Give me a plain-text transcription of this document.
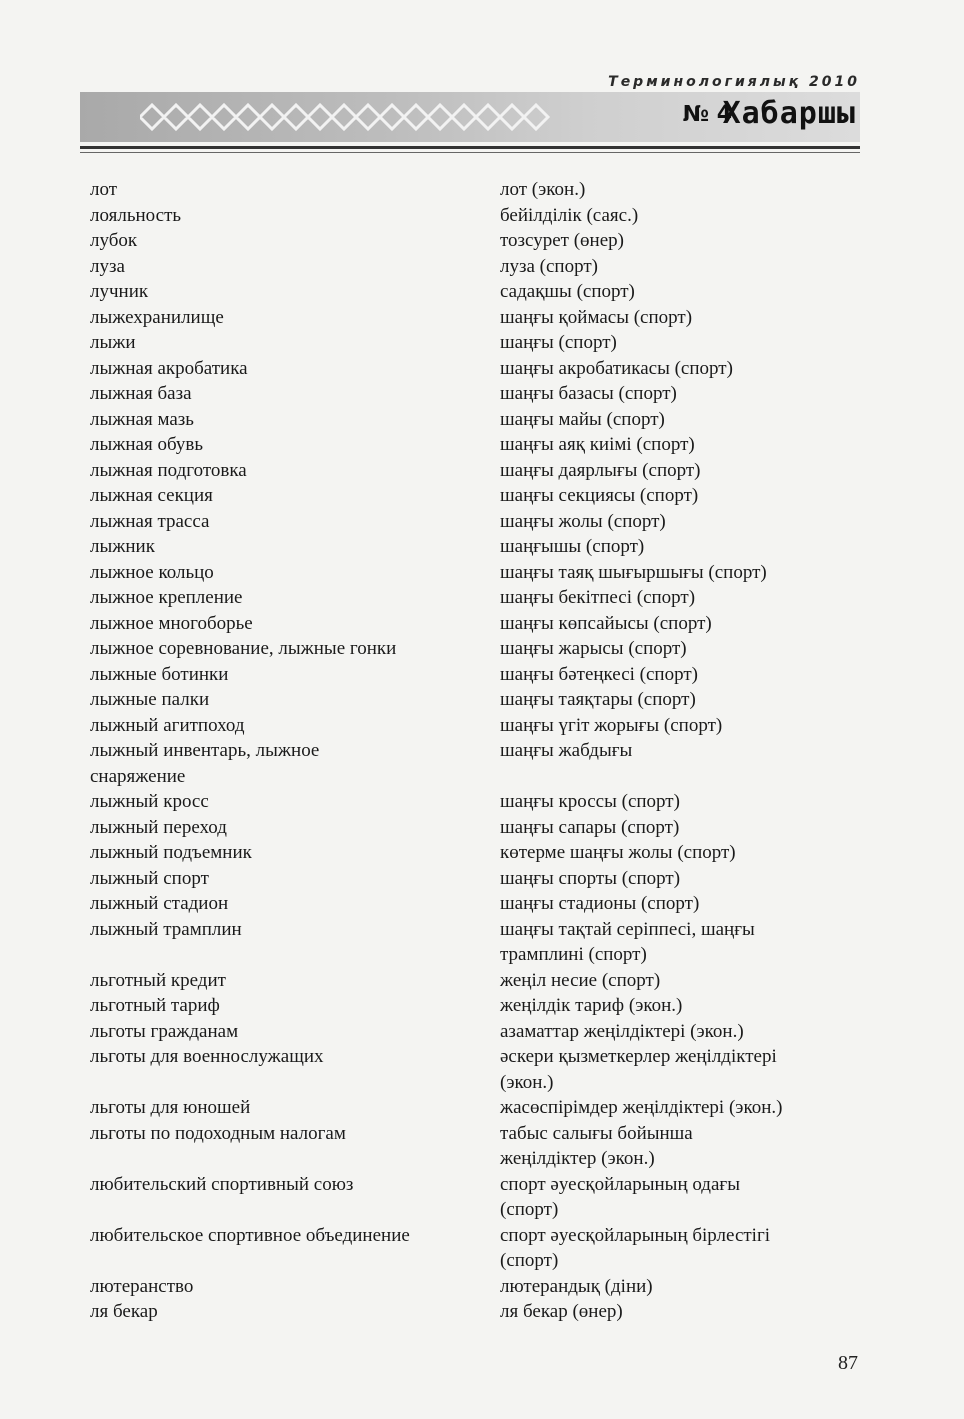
Терминологиялық 2010
№ 4
Хабаршы
лот	лот (экон.)
лояльность	бейілділік (саяс.)
лубок	тозсурет (өнер)
луза	луза (спорт)
лучник	садақшы (спорт)
лыжехранилище	шаңғы қоймасы (спорт)
лыжи	шаңғы (спорт)
лыжная акробатика	шаңғы акробатикасы (спорт)
лыжная база	шаңғы базасы (спорт)
лыжная мазь	шаңғы майы (спорт)
лыжная обувь	шаңғы аяқ киімі (спорт)
лыжная подготовка	шаңғы даярлығы (спорт)
лыжная секция	шаңғы секциясы (спорт)
лыжная трасса	шаңғы жолы (спорт)
лыжник	шаңғышы (спорт)
лыжное кольцо	шаңғы таяқ шығыршығы (спорт)
лыжное крепление	шаңғы бекітпесі (спорт)
лыжное многоборье	шаңғы көпсайысы (спорт)
лыжное соревнование, лыжные гонки	шаңғы жарысы (спорт)
лыжные ботинки	шаңғы бәтеңкесі (спорт)
лыжные палки	шаңғы таяқтары (спорт)
лыжный агитпоход	шаңғы үгіт жорығы (спорт)
лыжный инвентарь, лыжное	шаңғы жабдығы
снаряжение
лыжный кросс	шаңғы кроссы (спорт)
лыжный переход	шаңғы сапары (спорт)
лыжный подъемник	көтерме шаңғы жолы (спорт)
лыжный спорт	шаңғы спорты (спорт)
лыжный стадион	шаңғы стадионы (спорт)
лыжный трамплин	шаңғы тақтай серіппесі, шаңғы
трамплині (спорт)
льготный кредит	жеңіл несие (спорт)
льготный тариф	жеңілдік тариф (экон.)
льготы гражданам	азаматтар жеңілдіктері (экон.)
льготы для военнослужащих	әскери қызметкерлер жеңілдіктері
(экон.)
льготы для юношей	жасөспірімдер жеңілдіктері (экон.)
льготы по подоходным налогам	табыс салығы бойынша
жеңілдіктер (экон.)
любительский спортивный союз	спорт әуесқойларының одағы
(спорт)
любительское спортивное объединение	спорт әуесқойларының бірлестігі
(спорт)
лютеранство	лютерандық (діни)
ля бекар	ля бекар (өнер)
87
